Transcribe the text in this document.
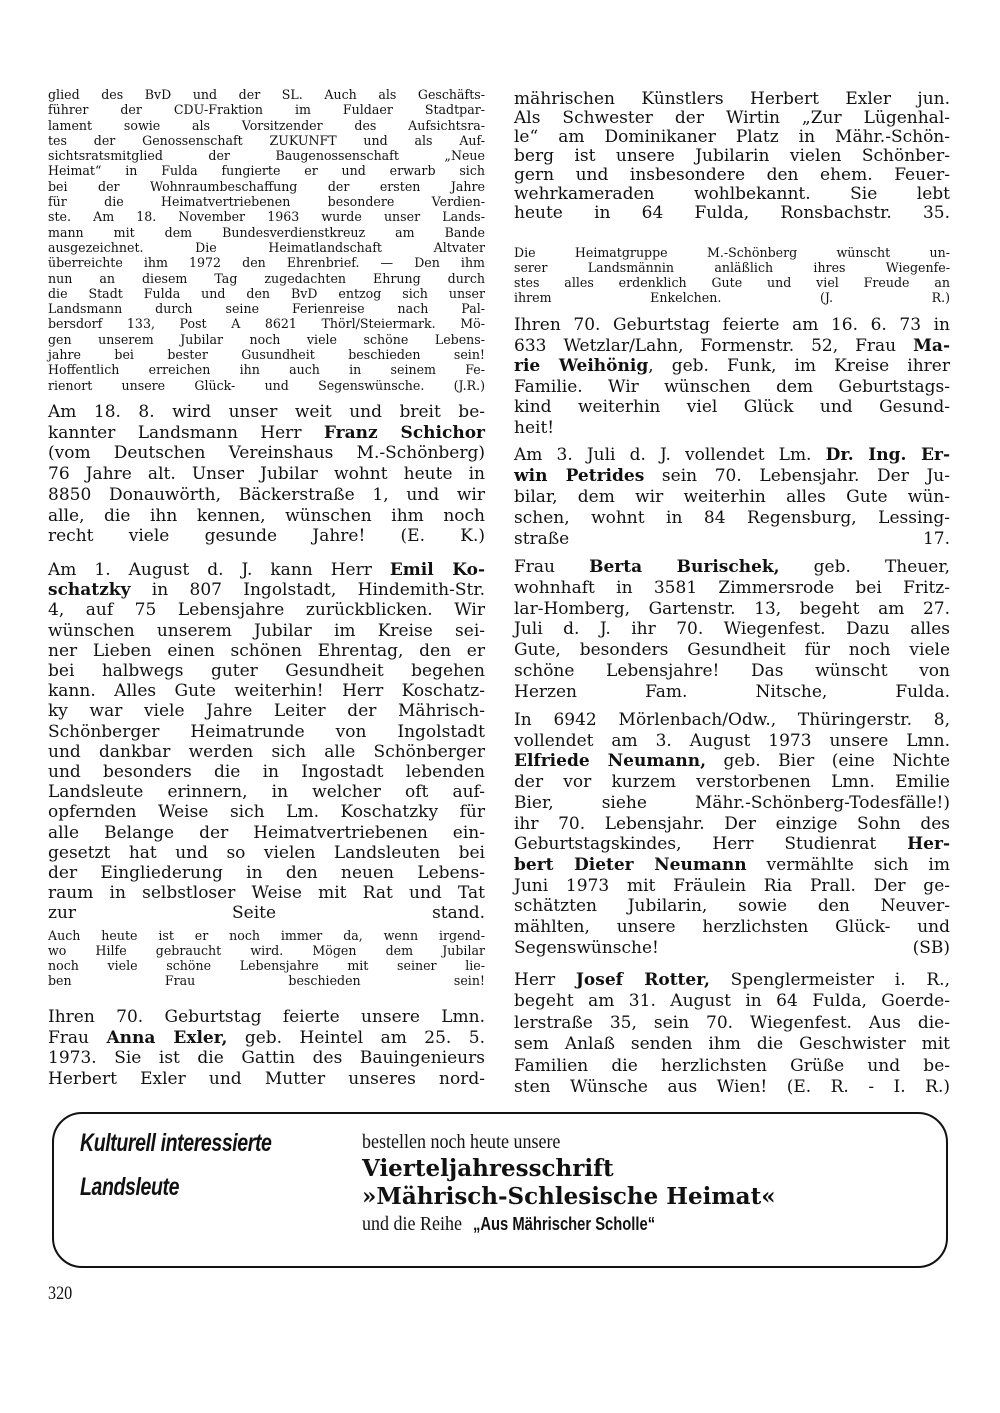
glied des BvD und der SL. Auch als Geschäfts-
führer der CDU-Fraktion im Fuldaer Stadtpar-
lament sowie als Vorsitzender des Aufsichtsra-
tes der Genossenschaft ZUKUNFT und als Auf-
sichtsratsmitglied der Baugenossenschaft „Neue
Heimat“ in Fulda fungierte er und erwarb sich
bei der Wohnraumbeschaffung der ersten Jahre
für die Heimatvertriebenen besondere Verdien-
ste. Am 18. November 1963 wurde unser Lands-
mann mit dem Bundesverdienstkreuz am Bande
ausgezeichnet. Die Heimatlandschaft Altvater
überreichte ihm 1972 den Ehrenbrief. — Den ihm
nun an diesem Tag zugedachten Ehrung durch
die Stadt Fulda und den BvD entzog sich unser
Landsmann durch seine Ferienreise nach Pal-
bersdorf 133, Post A 8621 Thörl/Steiermark. Mö-
gen unserem Jubilar noch viele schöne Lebens-
jahre bei bester Gusundheit beschieden sein!
Hoffentlich erreichen ihn auch in seinem Fe-
rienort unsere Glück- und Segenswünsche. (J.R.)
Am 18. 8. wird unser weit und breit be-
kannter Landsmann Herr Franz Schichor
(vom Deutschen Vereinshaus M.-Schönberg)
76 Jahre alt. Unser Jubilar wohnt heute in
8850 Donauwörth, Bäckerstraße 1, und wir
alle, die ihn kennen, wünschen ihm noch
recht viele gesunde Jahre! (E. K.)
Am 1. August d. J. kann Herr Emil Ko-
schatzky in 807 Ingolstadt, Hindemith-Str.
4, auf 75 Lebensjahre zurückblicken. Wir
wünschen unserem Jubilar im Kreise sei-
ner Lieben einen schönen Ehrentag, den er
bei halbwegs guter Gesundheit begehen
kann. Alles Gute weiterhin! Herr Koschatz-
ky war viele Jahre Leiter der Mährisch-
Schönberger Heimatrunde von Ingolstadt
und dankbar werden sich alle Schönberger
und besonders die in Ingostadt lebenden
Landsleute erinnern, in welcher oft auf-
opfernden Weise sich Lm. Koschatzky für
alle Belange der Heimatvertriebenen ein-
gesetzt hat und so vielen Landsleuten bei
der Eingliederung in den neuen Lebens-
raum in selbstloser Weise mit Rat und Tat
zur Seite stand.
Auch heute ist er noch immer da, wenn irgend-
wo Hilfe gebraucht wird. Mögen dem Jubilar
noch viele schöne Lebensjahre mit seiner lie-
ben Frau beschieden sein!
Ihren 70. Geburtstag feierte unsere Lmn.
Frau Anna Exler, geb. Heintel am 25. 5.
1973. Sie ist die Gattin des Bauingenieurs
Herbert Exler und Mutter unseres nord-
mährischen Künstlers Herbert Exler jun.
Als Schwester der Wirtin „Zur Lügenhal-
le“ am Dominikaner Platz in Mähr.-Schön-
berg ist unsere Jubilarin vielen Schönber-
gern und insbesondere den ehem. Feuer-
wehrkameraden wohlbekannt. Sie lebt
heute in 64 Fulda, Ronsbachstr. 35.
Die Heimatgruppe M.-Schönberg wünscht un-
serer Landsmännin anläßlich ihres Wiegenfe-
stes alles erdenklich Gute und viel Freude an
ihrem Enkelchen. (J. R.)
Ihren 70. Geburtstag feierte am 16. 6. 73 in
633 Wetzlar/Lahn, Formenstr. 52, Frau Ma-
rie Weihönig, geb. Funk, im Kreise ihrer
Familie. Wir wünschen dem Geburtstags-
kind weiterhin viel Glück und Gesund-
heit!
Am 3. Juli d. J. vollendet Lm. Dr. Ing. Er-
win Petrides sein 70. Lebensjahr. Der Ju-
bilar, dem wir weiterhin alles Gute wün-
schen, wohnt in 84 Regensburg, Lessing-
straße 17.
Frau Berta Burischek, geb. Theuer,
wohnhaft in 3581 Zimmersrode bei Fritz-
lar-Homberg, Gartenstr. 13, begeht am 27.
Juli d. J. ihr 70. Wiegenfest. Dazu alles
Gute, besonders Gesundheit für noch viele
schöne Lebensjahre! Das wünscht von
Herzen Fam. Nitsche, Fulda.
In 6942 Mörlenbach/Odw., Thüringerstr. 8,
vollendet am 3. August 1973 unsere Lmn.
Elfriede Neumann, geb. Bier (eine Nichte
der vor kurzem verstorbenen Lmn. Emilie
Bier, siehe Mähr.-Schönberg-Todesfälle!)
ihr 70. Lebensjahr. Der einzige Sohn des
Geburtstagskindes, Herr Studienrat Her-
bert Dieter Neumann vermählte sich im
Juni 1973 mit Fräulein Ria Prall. Der ge-
schätzten Jubilarin, sowie den Neuver-
mählten, unsere herzlichsten Glück- und
Segenswünsche! (SB)
Herr Josef Rotter, Spenglermeister i. R.,
begeht am 31. August in 64 Fulda, Goerde-
lerstraße 35, sein 70. Wiegenfest. Aus die-
sem Anlaß senden ihm die Geschwister mit
Familien die herzlichsten Grüße und be-
sten Wünsche aus Wien! (E. R. - I. R.)
Kulturell interessierte
Landsleute
bestellen noch heute unsere
Vierteljahresschrift
»Mährisch-Schlesische Heimat«
und die Reihe„Aus Mährischer Scholle“
320
